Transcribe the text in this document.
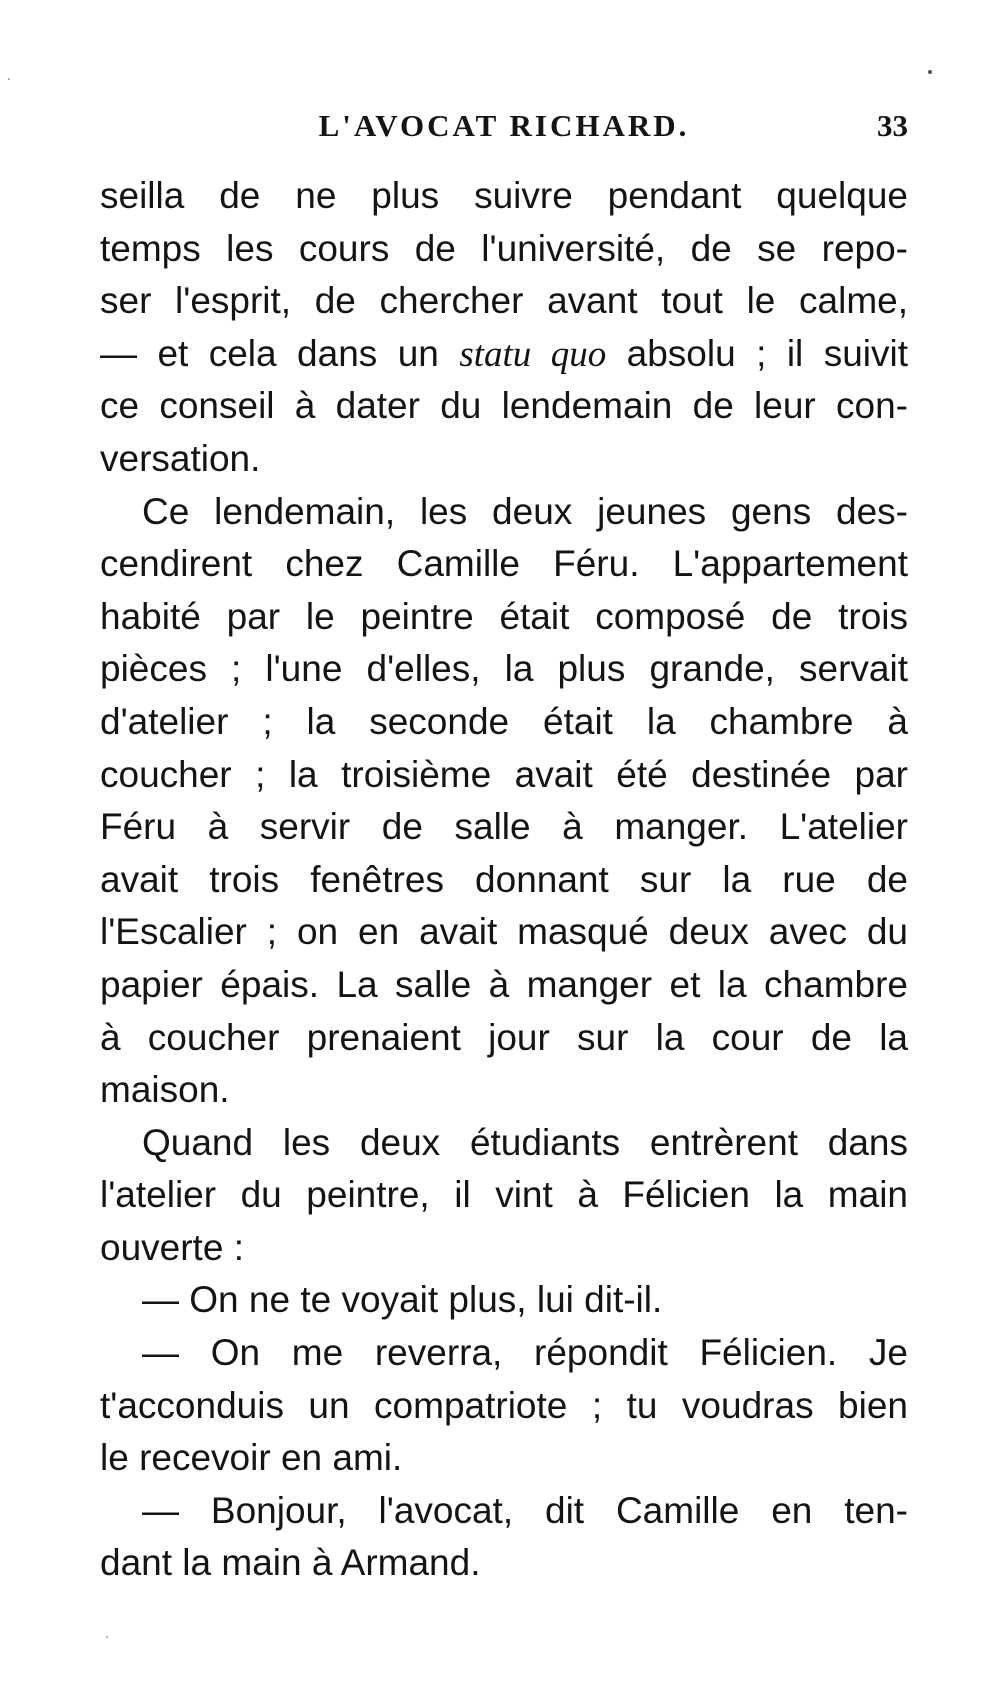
L'AVOCAT RICHARD.	33
seilla de ne plus suivre pendant quelque
temps les cours de l'université, de se repo-
ser l'esprit, de chercher avant tout le calme,
— et cela dans un statu quo absolu ; il suivit
ce conseil à dater du lendemain de leur con-
versation.
Ce lendemain, les deux jeunes gens des-
cendirent chez Camille Féru. L'appartement
habité par le peintre était composé de trois
pièces ; l'une d'elles, la plus grande, servait
d'atelier ; la seconde était la chambre à
coucher ; la troisième avait été destinée par
Féru à servir de salle à manger. L'atelier
avait trois fenêtres donnant sur la rue de
l'Escalier ; on en avait masqué deux avec du
papier épais. La salle à manger et la chambre
à coucher prenaient jour sur la cour de la
maison.
Quand les deux étudiants entrèrent dans
l'atelier du peintre, il vint à Félicien la main
ouverte :
— On ne te voyait plus, lui dit-il.
— On me reverra, répondit Félicien. Je
t'acconduis un compatriote ; tu voudras bien
le recevoir en ami.
— Bonjour, l'avocat, dit Camille en ten-
dant la main à Armand.
